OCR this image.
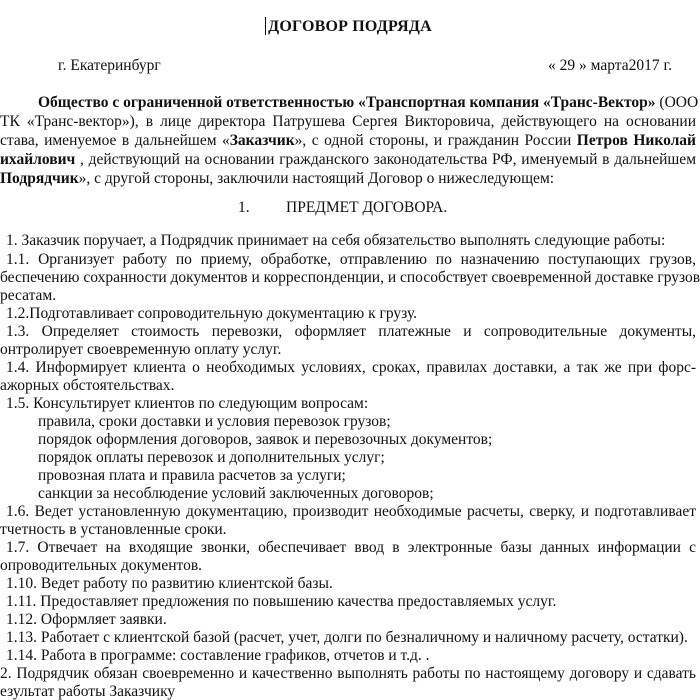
ДОГОВОР ПОДРЯДА
г. Екатеринбург	« 29 » марта2017 г.
Общество с ограниченной ответственностью «Транспортная компания «Транс-Вектор» (ООО
ТК «Транс-вектор»), в лице директора Патрушева Сергея Викторовича, действующего на основании
става, именуемое в дальнейшем «Заказчик», с одной стороны, и гражданин России Петров Николай
ихайлович , действующий на основании гражданского законодательства РФ, именуемый в дальнейшем
Подрядчик», с другой стороны, заключили настоящий Договор о нижеследующем:
1. ПРЕДМЕТ ДОГОВОРА.
1. Заказчик поручает, а Подрядчик принимает на себя обязательство выполнять следующие работы:
1.1. Организует работу по приему, обработке, отправлению по назначению поступающих грузов,
беспечению сохранности документов и корреспонденции, и способствует своевременной доставке грузов
ресатам.
1.2.Подготавливает сопроводительную документацию к грузу.
1.3. Определяет стоимость перевозки, оформляет платежные и сопроводительные документы,
онтролирует своевременную оплату услуг.
1.4. Информирует клиента о необходимых условиях, сроках, правилах доставки, а так же при форс-
ажорных обстоятельствах.
1.5. Консультирует клиентов по следующим вопросам:
правила, сроки доставки и условия перевозок грузов;
порядок оформления договоров, заявок и перевозочных документов;
порядок оплаты перевозок и дополнительных услуг;
провозная плата и правила расчетов за услуги;
санкции за несоблюдение условий заключенных договоров;
1.6. Ведет установленную документацию, производит необходимые расчеты, сверку, и подготавливает
тчетность в установленные сроки.
1.7. Отвечает на входящие звонки, обеспечивает ввод в электронные базы данных информации с
опроводительных документов.
1.10. Ведет работу по развитию клиентской базы.
1.11. Предоставляет предложения по повышению качества предоставляемых услуг.
1.12. Оформляет заявки.
1.13. Работает с клиентской базой (расчет, учет, долги по безналичному и наличному расчету, остатки).
1.14. Работа в программе: составление графиков, отчетов и т.д. .
2. Подрядчик обязан своевременно и качественно выполнять работы по настоящему договору и сдавать
езультат работы Заказчику
